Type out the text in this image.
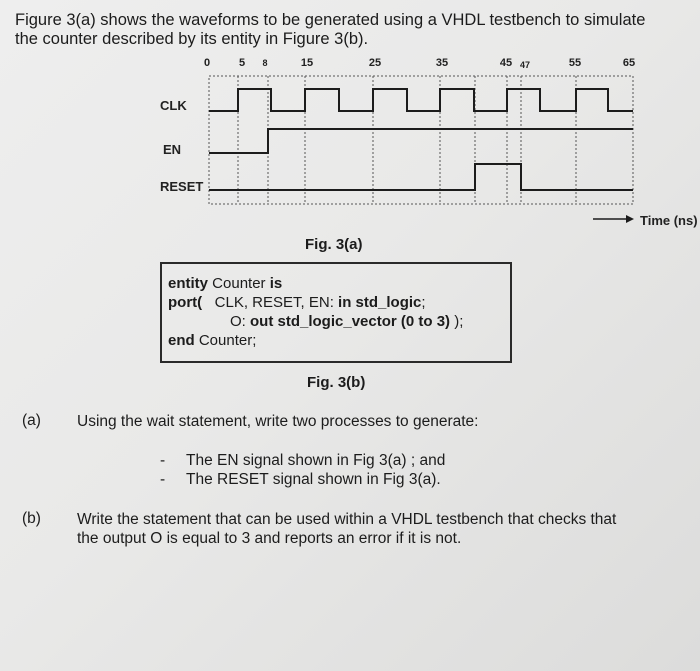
Figure 3(a) shows the waveforms to be generated using a VHDL testbench to simulate the counter described by its entity in Figure 3(b).
0	5 8	15	25	35	45 47	55	65
CLK
EN
RESET
Time (ns)
Fig. 3(a)
entity Counter is
port( CLK, RESET, EN: in std_logic;
O: out std_logic_vector (0 to 3) );
end Counter;
Fig. 3(b)
(a) Using the wait statement, write two processes to generate:
-	The EN signal shown in Fig 3(a) ; and
-	The RESET signal shown in Fig 3(a).
(b) Write the statement that can be used within a VHDL testbench that checks that the output O is equal to 3 and reports an error if it is not.
